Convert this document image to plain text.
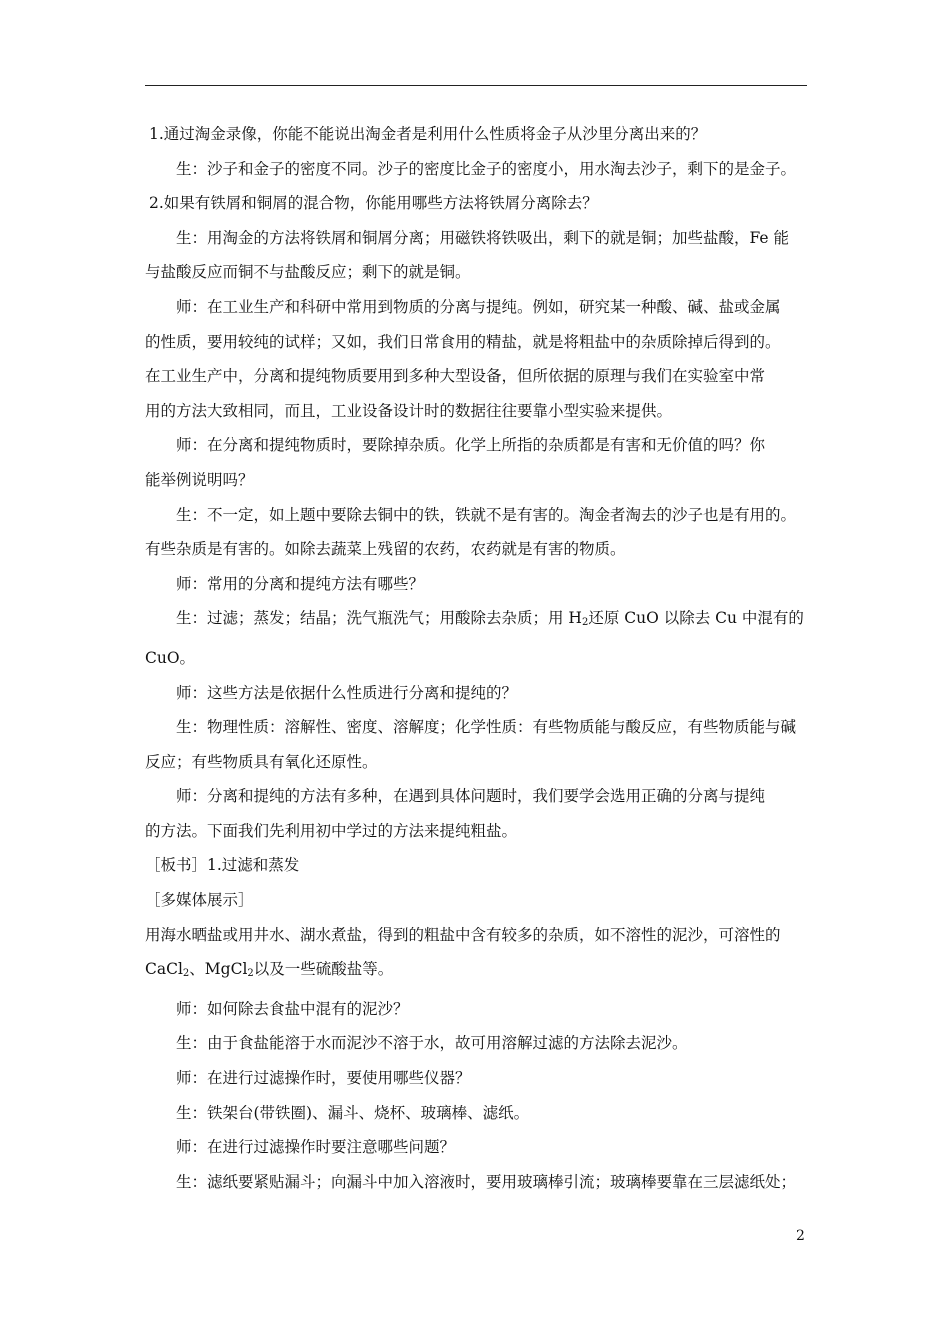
1.通过淘金录像，你能不能说出淘金者是利用什么性质将金子从沙里分离出来的？

生：沙子和金子的密度不同。沙子的密度比金子的密度小，用水淘去沙子，剩下的是金子。

2.如果有铁屑和铜屑的混合物，你能用哪些方法将铁屑分离除去？

生：用淘金的方法将铁屑和铜屑分离；用磁铁将铁吸出，剩下的就是铜；加些盐酸，Fe 能

与盐酸反应而铜不与盐酸反应；剩下的就是铜。

师：在工业生产和科研中常用到物质的分离与提纯。例如，研究某一种酸、碱、盐或金属

的性质，要用较纯的试样；又如，我们日常食用的精盐，就是将粗盐中的杂质除掉后得到的。

在工业生产中，分离和提纯物质要用到多种大型设备，但所依据的原理与我们在实验室中常

用的方法大致相同，而且，工业设备设计时的数据往往要靠小型实验来提供。

师：在分离和提纯物质时，要除掉杂质。化学上所指的杂质都是有害和无价值的吗？你

能举例说明吗？

生：不一定，如上题中要除去铜中的铁，铁就不是有害的。淘金者淘去的沙子也是有用的。

有些杂质是有害的。如除去蔬菜上残留的农药，农药就是有害的物质。

师：常用的分离和提纯方法有哪些？

生：过滤；蒸发；结晶；洗气瓶洗气；用酸除去杂质；用 $H_2$还原 CuO 以除去 Cu 中混有的

CuO。

师：这些方法是依据什么性质进行分离和提纯的？

生：物理性质：溶解性、密度、溶解度；化学性质：有些物质能与酸反应，有些物质能与碱

反应；有些物质具有氧化还原性。

师：分离和提纯的方法有多种，在遇到具体问题时，我们要学会选用正确的分离与提纯

的方法。下面我们先利用初中学过的方法来提纯粗盐。

［板书］1.过滤和蒸发

［多媒体展示］

用海水晒盐或用井水、湖水煮盐，得到的粗盐中含有较多的杂质，如不溶性的泥沙，可溶性的

CaCl$_2$、MgCl$_2$以及一些硫酸盐等。

师：如何除去食盐中混有的泥沙？

生：由于食盐能溶于水而泥沙不溶于水，故可用溶解过滤的方法除去泥沙。

师：在进行过滤操作时，要使用哪些仪器？

生：铁架台(带铁圈)、漏斗、烧杯、玻璃棒、滤纸。

师：在进行过滤操作时要注意哪些问题？

生：滤纸要紧贴漏斗；向漏斗中加入溶液时，要用玻璃棒引流；玻璃棒要靠在三层滤纸处；

2
